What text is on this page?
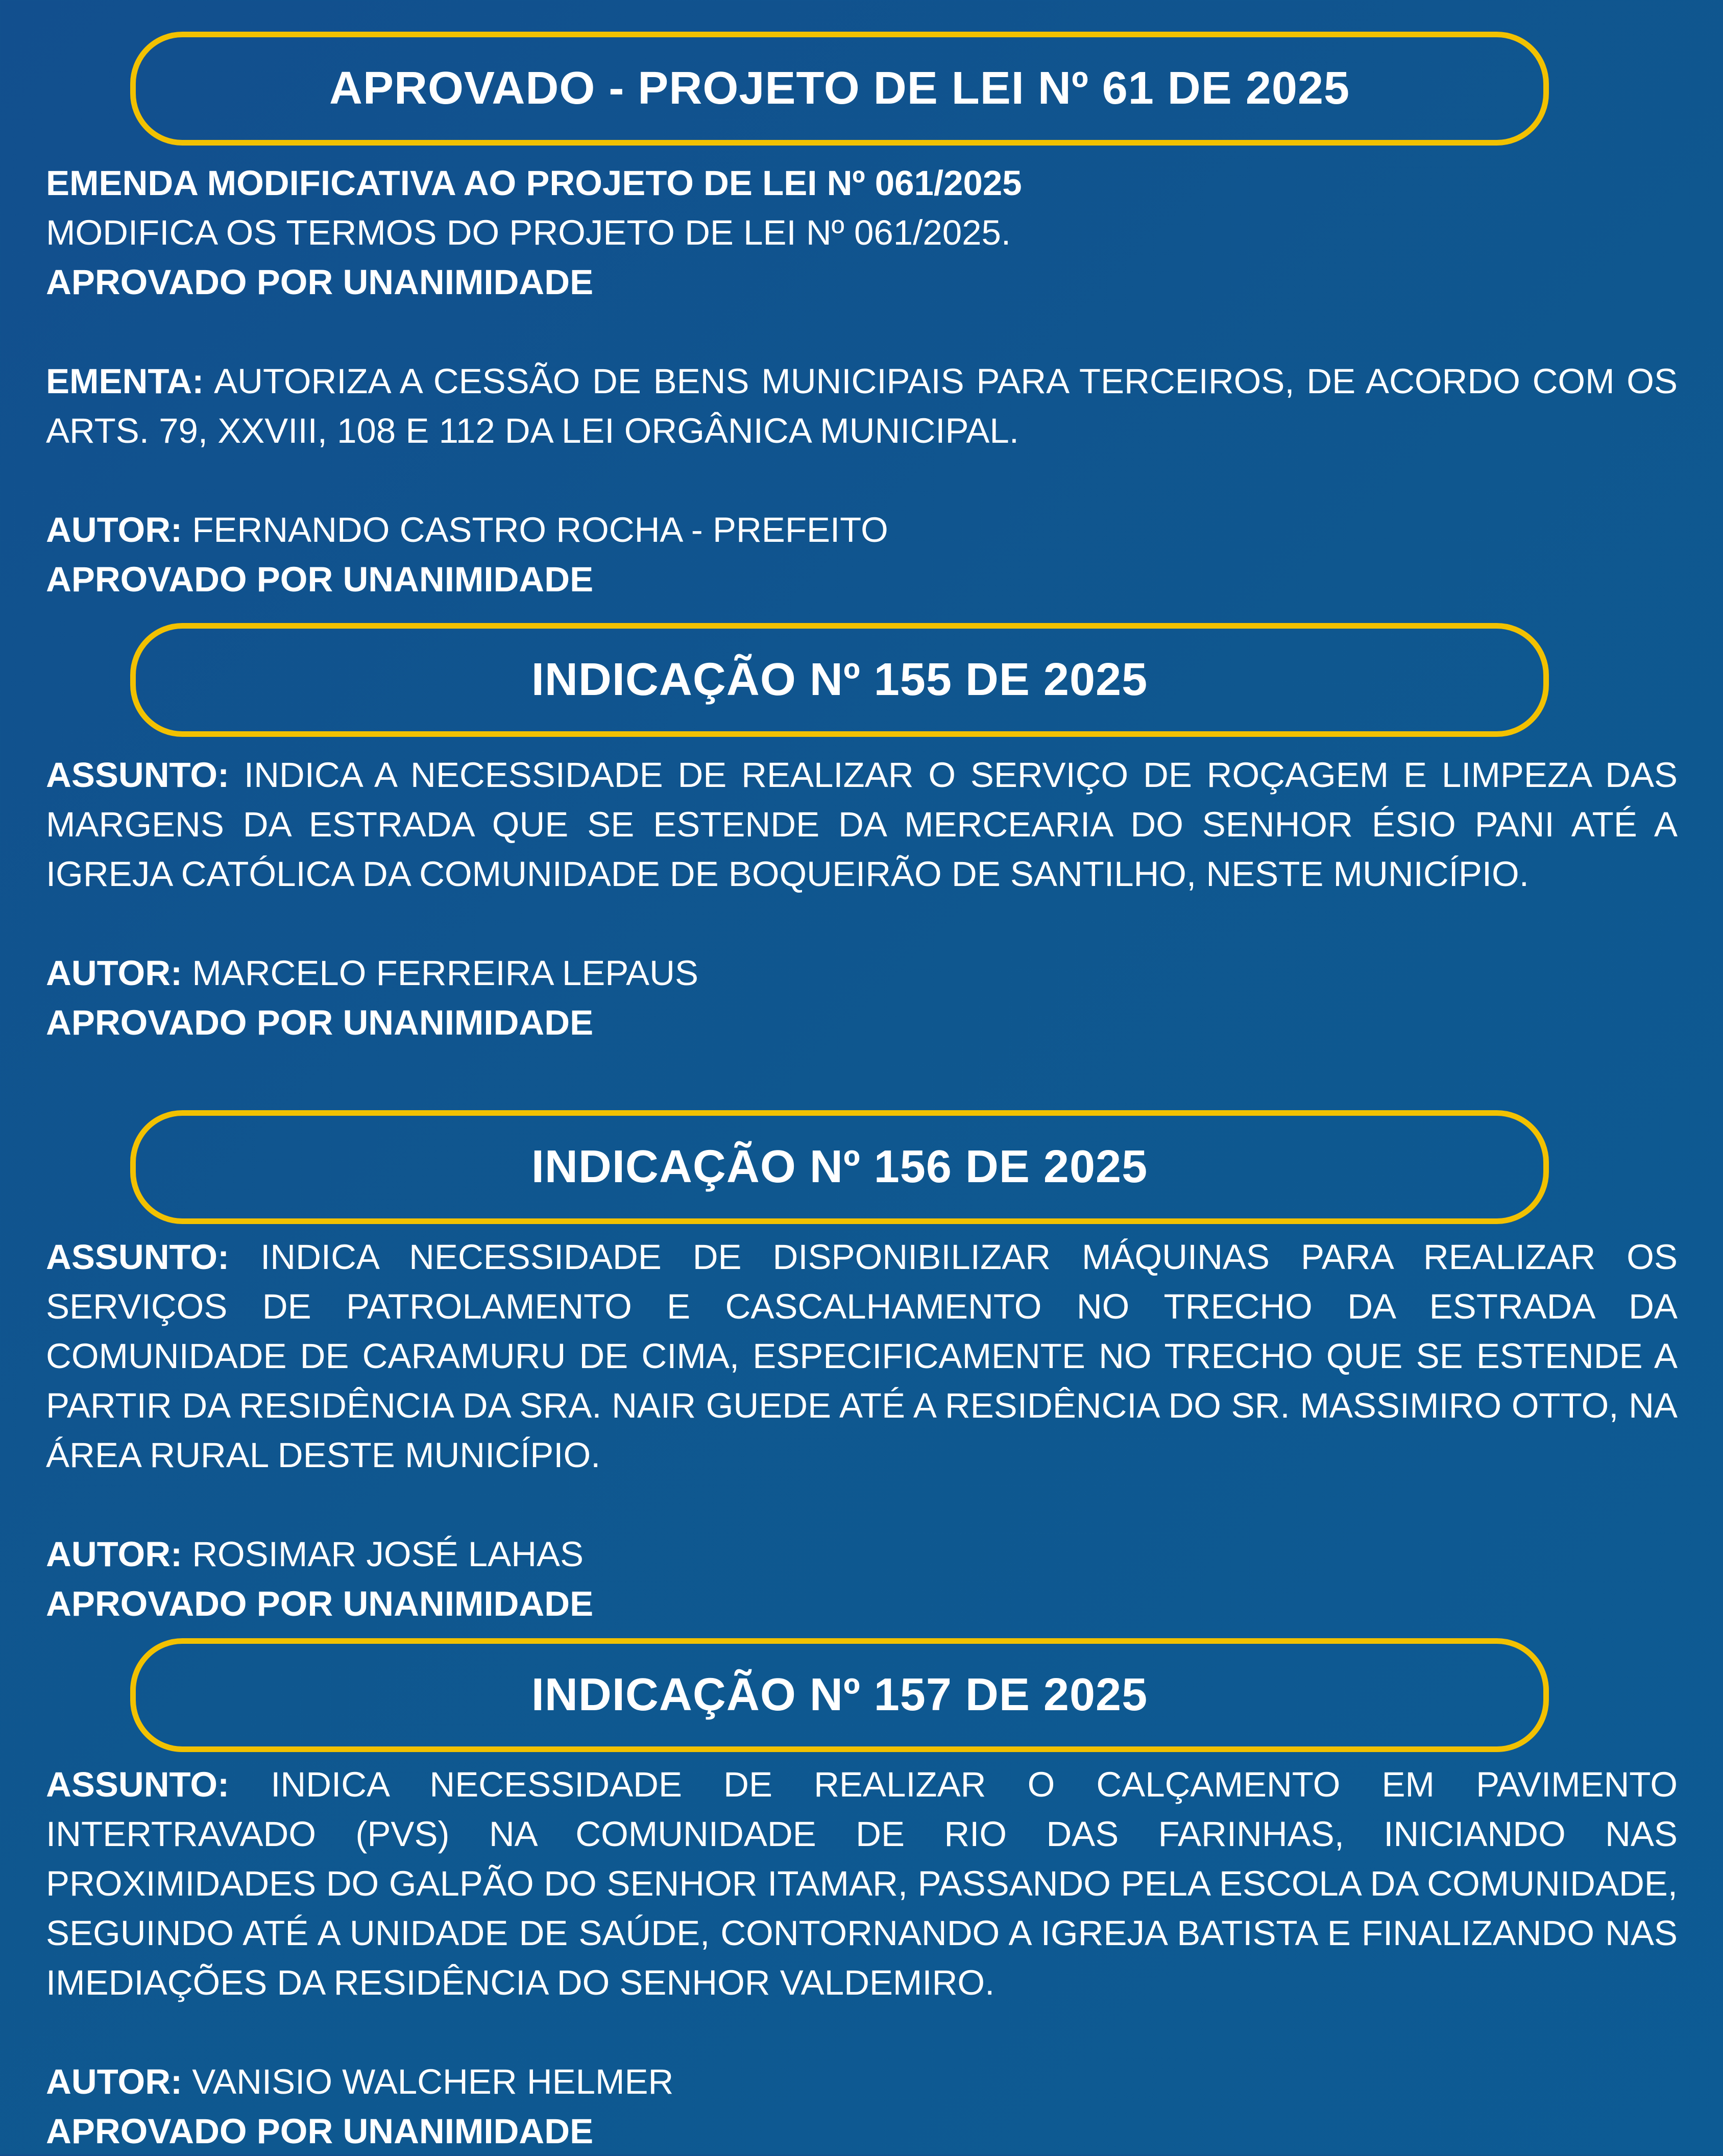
APROVADO - PROJETO DE LEI Nº 61 DE 2025
EMENDA MODIFICATIVA AO PROJETO DE LEI Nº 061/2025
MODIFICA OS TERMOS DO PROJETO DE LEI Nº 061/2025.
APROVADO POR UNANIMIDADE
EMENTA: AUTORIZA A CESSÃO DE BENS MUNICIPAIS PARA TERCEIROS, DE ACORDO COM OS ARTS. 79, XXVIII, 108 E 112 DA LEI ORGÂNICA MUNICIPAL.
AUTOR: FERNANDO CASTRO ROCHA - PREFEITO
APROVADO POR UNANIMIDADE
INDICAÇÃO Nº 155 DE 2025
ASSUNTO: INDICA A NECESSIDADE DE REALIZAR O SERVIÇO DE ROÇAGEM E LIMPEZA DAS MARGENS DA ESTRADA QUE SE ESTENDE DA MERCEARIA DO SENHOR ÉSIO PANI ATÉ A IGREJA CATÓLICA DA COMUNIDADE DE BOQUEIRÃO DE SANTILHO, NESTE MUNICÍPIO.
AUTOR: MARCELO FERREIRA LEPAUS
APROVADO POR UNANIMIDADE
INDICAÇÃO Nº 156 DE 2025
ASSUNTO: INDICA NECESSIDADE DE DISPONIBILIZAR MÁQUINAS PARA REALIZAR OS SERVIÇOS DE PATROLAMENTO E CASCALHAMENTO NO TRECHO DA ESTRADA DA COMUNIDADE DE CARAMURU DE CIMA, ESPECIFICAMENTE NO TRECHO QUE SE ESTENDE A PARTIR DA RESIDÊNCIA DA SRA. NAIR GUEDE ATÉ A RESIDÊNCIA DO SR. MASSIMIRO OTTO, NA ÁREA RURAL DESTE MUNICÍPIO.
AUTOR: ROSIMAR JOSÉ LAHAS
APROVADO POR UNANIMIDADE
INDICAÇÃO Nº 157 DE 2025
ASSUNTO: INDICA NECESSIDADE DE REALIZAR O CALÇAMENTO EM PAVIMENTO INTERTRAVADO (PVS) NA COMUNIDADE DE RIO DAS FARINHAS, INICIANDO NAS PROXIMIDADES DO GALPÃO DO SENHOR ITAMAR, PASSANDO PELA ESCOLA DA COMUNIDADE, SEGUINDO ATÉ A UNIDADE DE SAÚDE, CONTORNANDO A IGREJA BATISTA E FINALIZANDO NAS IMEDIAÇÕES DA RESIDÊNCIA DO SENHOR VALDEMIRO.
AUTOR: VANISIO WALCHER HELMER
APROVADO POR UNANIMIDADE
